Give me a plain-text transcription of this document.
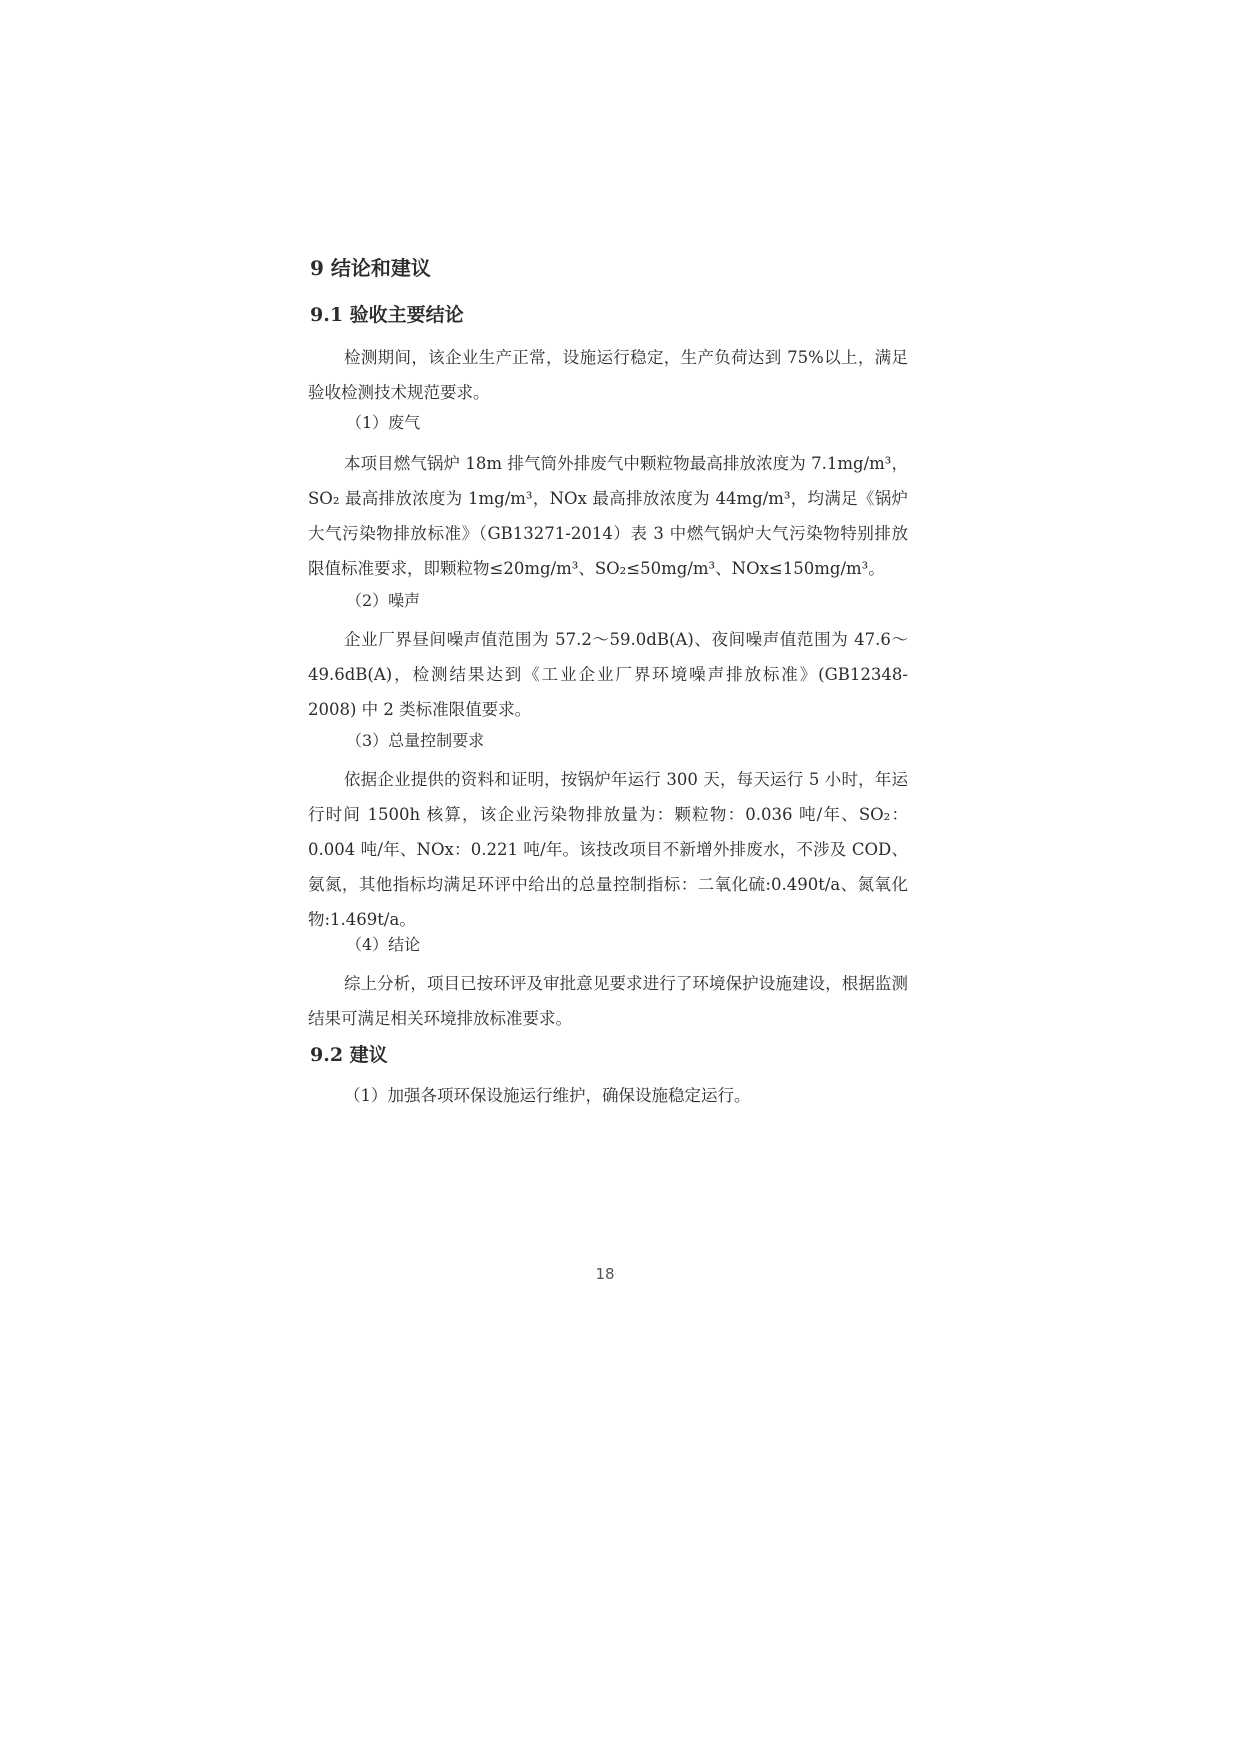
9 结论和建议
9.1 验收主要结论

检测期间，该企业生产正常，设施运行稳定，生产负荷达到 75%以上，满足验收检测技术规范要求。

（1）废气

本项目燃气锅炉 18m 排气筒外排废气中颗粒物最高排放浓度为 7.1mg/m³，SO₂ 最高排放浓度为 1mg/m³，NOx 最高排放浓度为 44mg/m³，均满足《锅炉大气污染物排放标准》（GB13271-2014）表 3 中燃气锅炉大气污染物特别排放限值标准要求，即颗粒物≤20mg/m³、SO₂≤50mg/m³、NOx≤150mg/m³。

（2）噪声

企业厂界昼间噪声值范围为 57.2～59.0dB(A)、夜间噪声值范围为 47.6～49.6dB(A)，检测结果达到《工业企业厂界环境噪声排放标准》(GB12348-2008) 中 2 类标准限值要求。

（3）总量控制要求

依据企业提供的资料和证明，按锅炉年运行 300 天，每天运行 5 小时，年运行时间 1500h 核算，该企业污染物排放量为：颗粒物：0.036 吨/年、SO₂：0.004 吨/年、NOx：0.221 吨/年。该技改项目不新增外排废水，不涉及 COD、氨氮，其他指标均满足环评中给出的总量控制指标：二氧化硫:0.490t/a、氮氧化物:1.469t/a。

（4）结论

综上分析，项目已按环评及审批意见要求进行了环境保护设施建设，根据监测结果可满足相关环境排放标准要求。

9.2 建议

（1）加强各项环保设施运行维护，确保设施稳定运行。

18
